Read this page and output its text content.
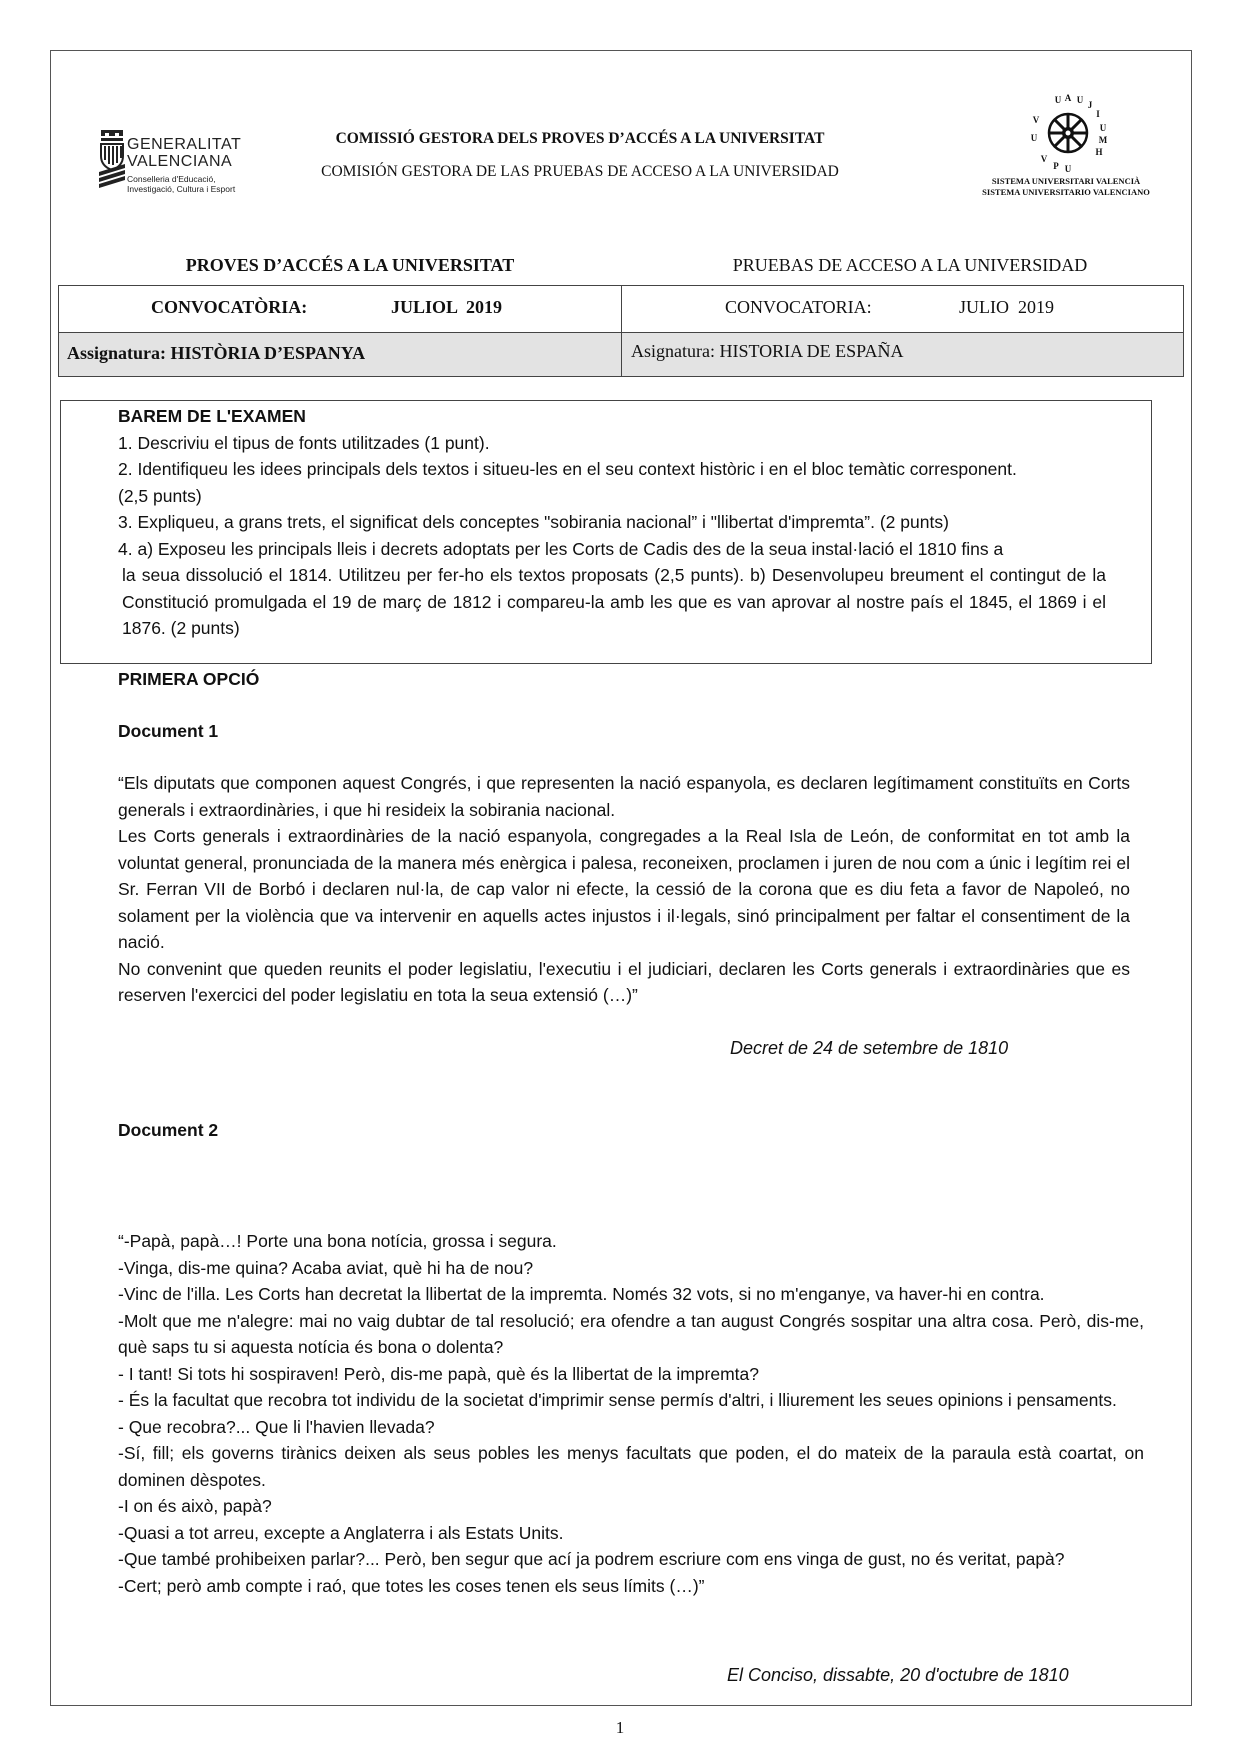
GENERALITAT
VALENCIANA
Conselleria d'Educació,
Investigació, Cultura i Esport
COMISSIÓ GESTORA DELS PROVES D’ACCÉS A LA UNIVERSITAT
COMISIÓN GESTORA DE LAS PRUEBAS DE ACCESO A LA UNIVERSIDAD
U A U J
I
U
M
H
U
P
V
U
V
SISTEMA UNIVERSITARI VALENCIÀ
SISTEMA UNIVERSITARIO VALENCIANO
PROVES D’ACCÉS A LA UNIVERSITAT	PRUEBAS DE ACCESO A LA UNIVERSIDAD
CONVOCATÒRIA:	JULIOL  2019	CONVOCATORIA:	JULIO  2019
Assignatura: HISTÒRIA D’ESPANYA	Asignatura: HISTORIA DE ESPAÑA

BAREM DE L'EXAMEN

1. Descriviu el tipus de fonts utilitzades (1 punt).

2. Identifiqueu les idees principals dels textos i situeu-les en el seu context històric i en el bloc temàtic corresponent.

(2,5 punts)

3. Expliqueu, a grans trets, el significat dels conceptes "sobirania nacional” i "llibertat d'impremta”. (2 punts)

4. a) Exposeu les principals lleis i decrets adoptats per les Corts de Cadis des de la seua instal·lació el 1810 fins a

la seua dissolució el 1814. Utilitzeu per fer-ho els textos proposats (2,5 punts). b) Desenvolupeu breument el contingut de la Constitució promulgada el 19 de març de 1812 i compareu-la amb les que es van aprovar al nostre país el 1845, el 1869 i el 1876. (2 punts)

PRIMERA OPCIÓ
Document 1

“Els diputats que componen aquest Congrés, i que representen la nació espanyola, es declaren legítimament constituïts en Corts generals i extraordinàries, i que hi resideix la sobirania nacional.

Les Corts generals i extraordinàries de la nació espanyola, congregades a la Real Isla de León, de conformitat en tot amb la voluntat general, pronunciada de la manera més enèrgica i palesa, reconeixen, proclamen i juren de nou com a únic i legítim rei el Sr. Ferran VII de Borbó i declaren nul·la, de cap valor ni efecte, la cessió de la corona que es diu feta a favor de Napoleó, no solament per la violència que va intervenir en aquells actes injustos i il·legals, sinó principalment per faltar el consentiment de la nació.

No convenint que queden reunits el poder legislatiu, l'executiu i el judiciari, declaren les Corts generals i extraordinàries que es reserven l'exercici del poder legislatiu en tota la seua extensió (…)”

Decret de 24 de setembre de 1810
Document 2

“-Papà, papà…! Porte una bona notícia, grossa i segura.

-Vinga, dis-me quina? Acaba aviat, què hi ha de nou?

-Vinc de l'illa. Les Corts han decretat la llibertat de la impremta. Només 32 vots, si no m'enganye, va haver-hi en contra.

-Molt que me n'alegre: mai no vaig dubtar de tal resolució; era ofendre a tan august Congrés sospitar una altra cosa. Però, dis-me, què saps tu si aquesta notícia és bona o dolenta?

- I tant! Si tots hi sospiraven! Però, dis-me papà, què és la llibertat de la impremta?

- És la facultat que recobra tot individu de la societat d'imprimir sense permís d'altri, i lliurement les seues opinions i pensaments.

- Que recobra?... Que li l'havien llevada?

-Sí, fill; els governs tirànics deixen als seus pobles les menys facultats que poden, el do mateix de la paraula està coartat, on dominen dèspotes.

-I on és això, papà?

-Quasi a tot arreu, excepte a Anglaterra i als Estats Units.

-Que també prohibeixen parlar?... Però, ben segur que ací ja podrem escriure com ens vinga de gust, no és veritat, papà?

-Cert; però amb compte i raó, que totes les coses tenen els seus límits (…)”

El Conciso, dissabte, 20 d'octubre de 1810
1
